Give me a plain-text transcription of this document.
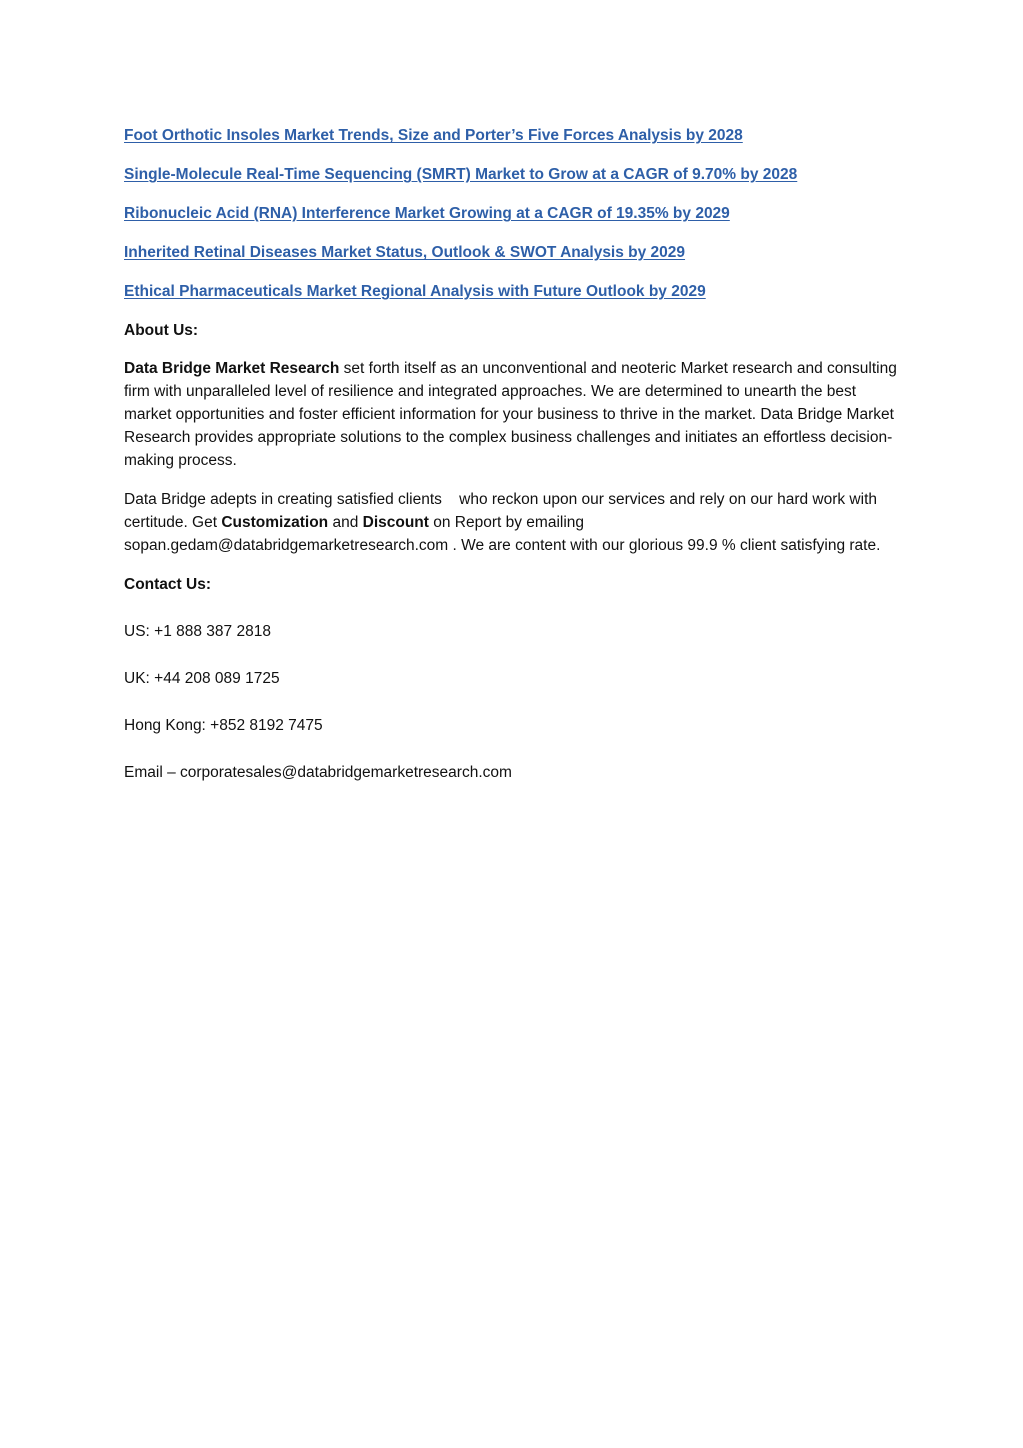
Foot Orthotic Insoles Market Trends, Size and Porter’s Five Forces Analysis by 2028
Single-Molecule Real-Time Sequencing (SMRT) Market to Grow at a CAGR of 9.70% by 2028
Ribonucleic Acid (RNA) Interference Market Growing at a CAGR of 19.35% by 2029
Inherited Retinal Diseases Market Status, Outlook & SWOT Analysis by 2029
Ethical Pharmaceuticals Market Regional Analysis with Future Outlook by 2029

About Us:

Data Bridge Market Research set forth itself as an unconventional and neoteric Market research and consulting firm with unparalleled level of resilience and integrated approaches. We are determined to unearth the best market opportunities and foster efficient information for your business to thrive in the market. Data Bridge Market Research provides appropriate solutions to the complex business challenges and initiates an effortless decision-making process.

Data Bridge adepts in creating satisfied clients    who reckon upon our services and rely on our hard work with certitude. Get Customization and Discount on Report by emailing sopan.gedam@databridgemarketresearch.com . We are content with our glorious 99.9 % client satisfying rate.

Contact Us:

US: +1 888 387 2818

UK: +44 208 089 1725

Hong Kong: +852 8192 7475

Email – corporatesales@databridgemarketresearch.com
